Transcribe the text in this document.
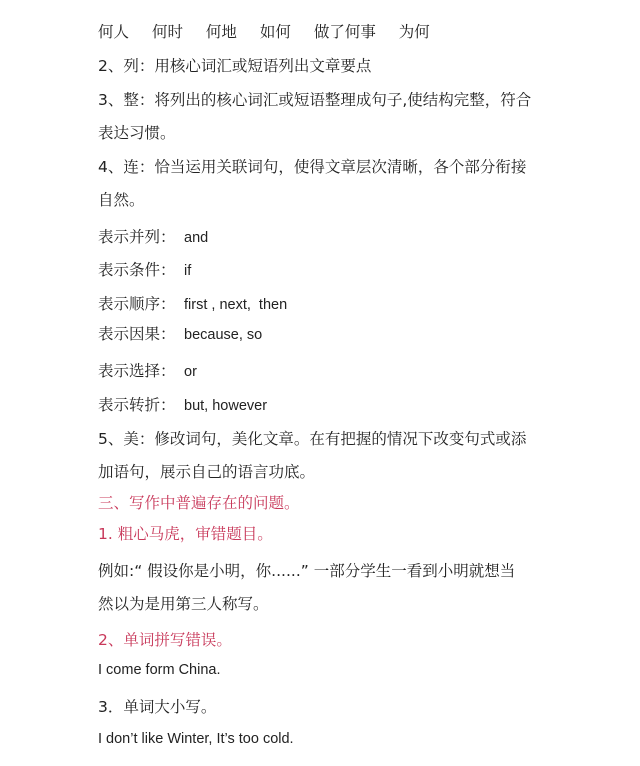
何人 何时 何地 如何 做了何事 为何
2、列：用核心词汇或短语列出文章要点
3、整：将列出的核心词汇或短语整理成句子,使结构完整，符合
表达习惯。
4、连：恰当运用关联词句，使得文章层次清晰，各个部分衔接
自然。
表示并列： and
表示条件： if
表示顺序： first , next,  then
表示因果： because, so
表示选择： or
表示转折： but, however
5、美：修改词句，美化文章。在有把握的情况下改变句式或添
加语句，展示自己的语言功底。
三、写作中普遍存在的问题。
1. 粗心马虎，审错题目。
例如:“ 假设你是小明，你......” 一部分学生一看到小明就想当
然以为是用第三人称写。
2、单词拼写错误。
I come form China.
3．单词大小写。
I don’t like Winter, It’s too cold.
